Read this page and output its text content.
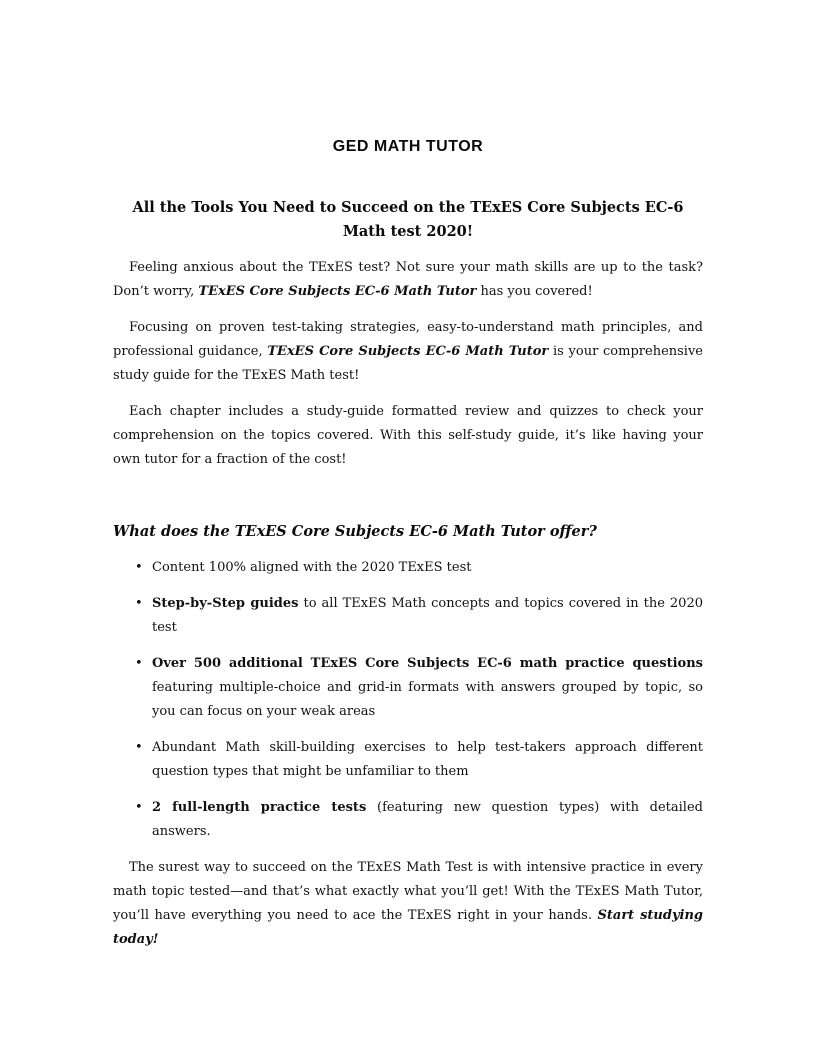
GED MATH TUTOR
All the Tools You Need to Succeed on the TExES Core Subjects EC-6 Math test 2020!

Feeling anxious about the TExES test? Not sure your math skills are up to the task? Don’t worry, TExES Core Subjects EC-6 Math Tutor has you covered!

Focusing on proven test-taking strategies, easy-to-understand math principles, and professional guidance, TExES Core Subjects EC-6 Math Tutor is your comprehensive study guide for the TExES Math test!

Each chapter includes a study-guide formatted review and quizzes to check your comprehension on the topics covered. With this self-study guide, it’s like having your own tutor for a fraction of the cost!

What does the TExES Core Subjects EC-6 Math Tutor offer?
• Content 100% aligned with the 2020 TExES test
• Step-by-Step guides to all TExES Math concepts and topics covered in the 2020 test
• Over 500 additional TExES Core Subjects EC-6 math practice questions featuring multiple-choice and grid-in formats with answers grouped by topic, so you can focus on your weak areas
• Abundant Math skill-building exercises to help test-takers approach different question types that might be unfamiliar to them
• 2 full-length practice tests (featuring new question types) with detailed answers.

The surest way to succeed on the TExES Math Test is with intensive practice in every math topic tested—and that’s what exactly what you’ll get! With the TExES Math Tutor, you’ll have everything you need to ace the TExES right in your hands. Start studying today!
